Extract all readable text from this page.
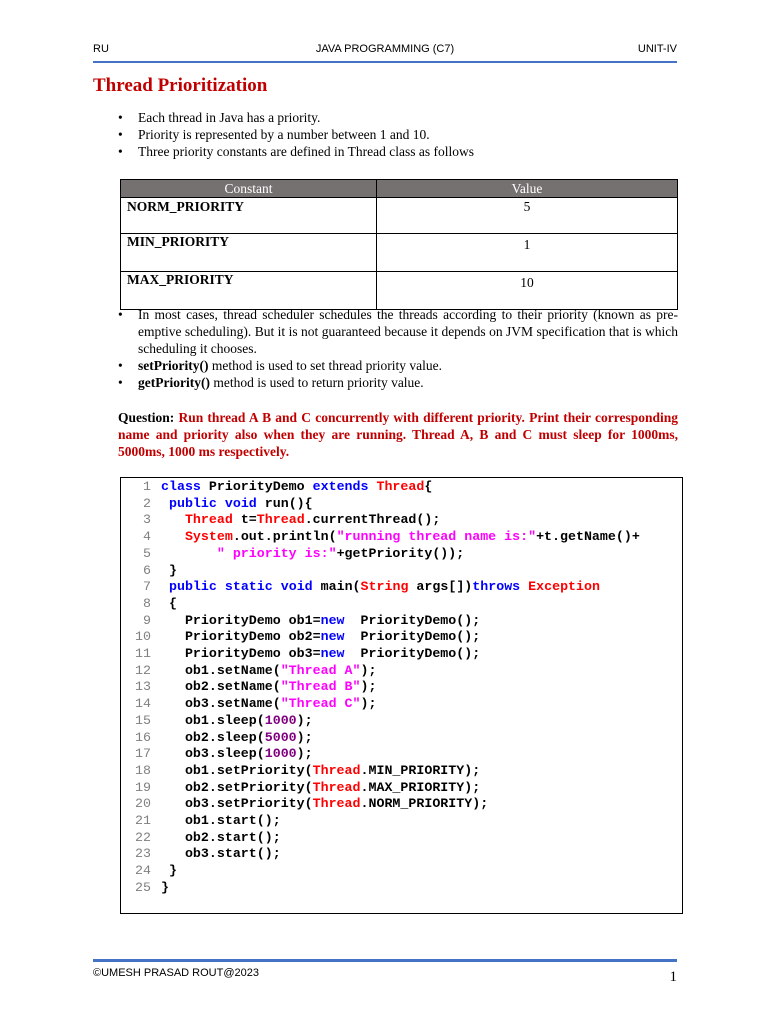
RU	JAVA PROGRAMMING (C7)	UNIT-IV
Thread Prioritization
• Each thread in Java has a priority.
• Priority is represented by a number between 1 and 10.
• Three priority constants are defined in Thread class as follows
Constant	Value
NORM_PRIORITY	5
MIN_PRIORITY	1
MAX_PRIORITY	10
• In most cases, thread scheduler schedules the threads according to their priority (known as pre-emptive scheduling). But it is not guaranteed because it depends on JVM specification that is which scheduling it chooses.
• setPriority() method is used to set thread priority value.
• getPriority() method is used to return priority value.
Question: Run thread A B and C concurrently with different priority. Print their corresponding name and priority also when they are running. Thread A, B and C must sleep for 1000ms, 5000ms, 1000 ms respectively.
1 class PriorityDemo extends Thread{
2	public void run(){
3	Thread t=Thread.currentThread();
4	System.out.println("running thread name is:"+t.getName()+
5	" priority is:"+getPriority());
6 }
7	public static void main(String args[])throws Exception
8 {
9 PriorityDemo ob1=new  PriorityDemo();
10 PriorityDemo ob2=new  PriorityDemo();
11 PriorityDemo ob3=new  PriorityDemo();
12 ob1.setName("Thread A");
13 ob2.setName("Thread B");
14 ob3.setName("Thread C");
15 ob1.sleep(1000);
16 ob2.sleep(5000);
17 ob3.sleep(1000);
18 ob1.setPriority(Thread.MIN_PRIORITY);
19 ob2.setPriority(Thread.MAX_PRIORITY);
20 ob3.setPriority(Thread.NORM_PRIORITY);
21 ob1.start();
22 ob2.start();
23 ob3.start();
24 }
25 }
©UMESH PRASAD ROUT@2023	1
